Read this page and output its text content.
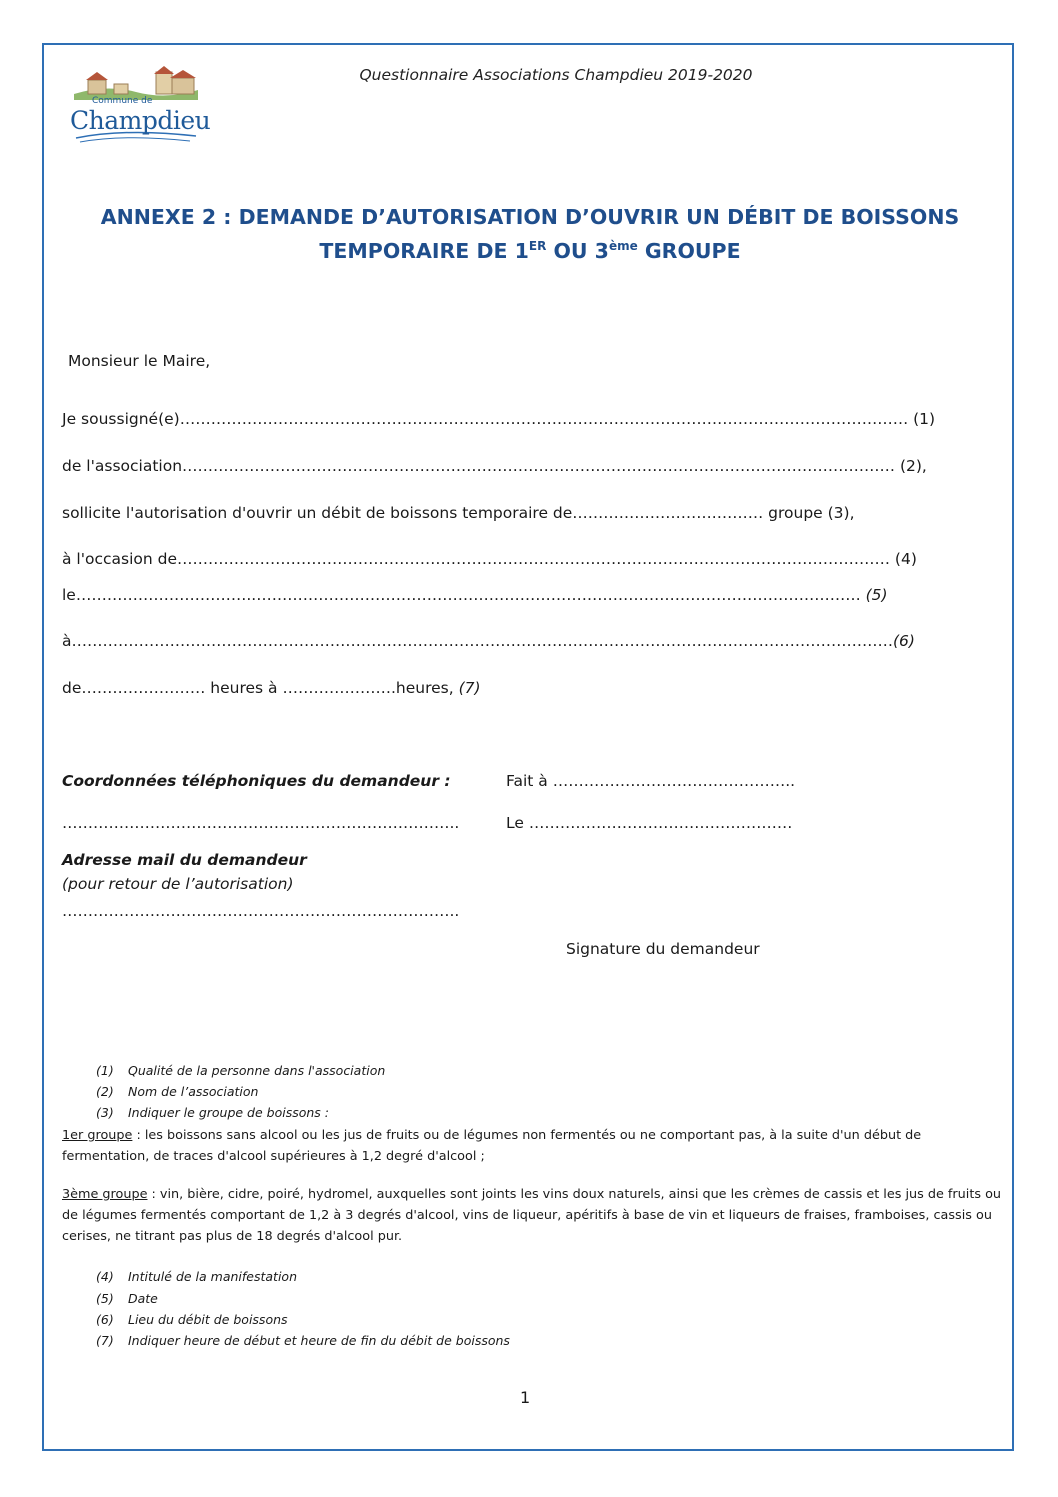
Commune de
Champdieu
Questionnaire Associations Champdieu 2019-2020
ANNEXE 2 : DEMANDE D’AUTORISATION D’OUVRIR UN DÉBIT DE BOISSONS
TEMPORAIRE DE 1ER OU 3ème GROUPE
Monsieur le Maire,
Je soussigné(e)…………………………………………………………………………………………………………………………… (1)
de l'association………………………………………………………………………………………………………………………… (2),
sollicite l'autorisation d'ouvrir un débit de boissons temporaire de……………………….……… groupe (3),
à l'occasion de………………………………………………………………………………………………………………………… (4)
le……………………………..……………………………………………………………………………………………………… (5)
à……………………………………………………………………………………………………………………………………………(6)
de…………………… heures à ………………….heures, (7)
Coordonnées téléphoniques du demandeur :
…………………………………………………………………..
Adresse mail du demandeur
(pour retour de l’autorisation)
…………………………………………………………………..
Fait à ………………………………………..
Le ……………………………………………
Signature du demandeur
(1) Qualité de la personne dans l'association
(2) Nom de l’association
(3) Indiquer le groupe de boissons :
1er groupe : les boissons sans alcool ou les jus de fruits ou de légumes non fermentés ou ne comportant pas, à la suite d'un début de fermentation, de traces d'alcool supérieures à 1,2 degré d'alcool ;
3ème groupe : vin, bière, cidre, poiré, hydromel, auxquelles sont joints les vins doux naturels, ainsi que les crèmes de cassis et les jus de fruits ou de légumes fermentés comportant de 1,2 à 3 degrés d'alcool, vins de liqueur, apéritifs à base de vin et liqueurs de fraises, framboises, cassis ou cerises, ne titrant pas plus de 18 degrés d'alcool pur.
(4) Intitulé de la manifestation
(5) Date
(6) Lieu du débit de boissons
(7) Indiquer heure de début et heure de fin du débit de boissons
1
